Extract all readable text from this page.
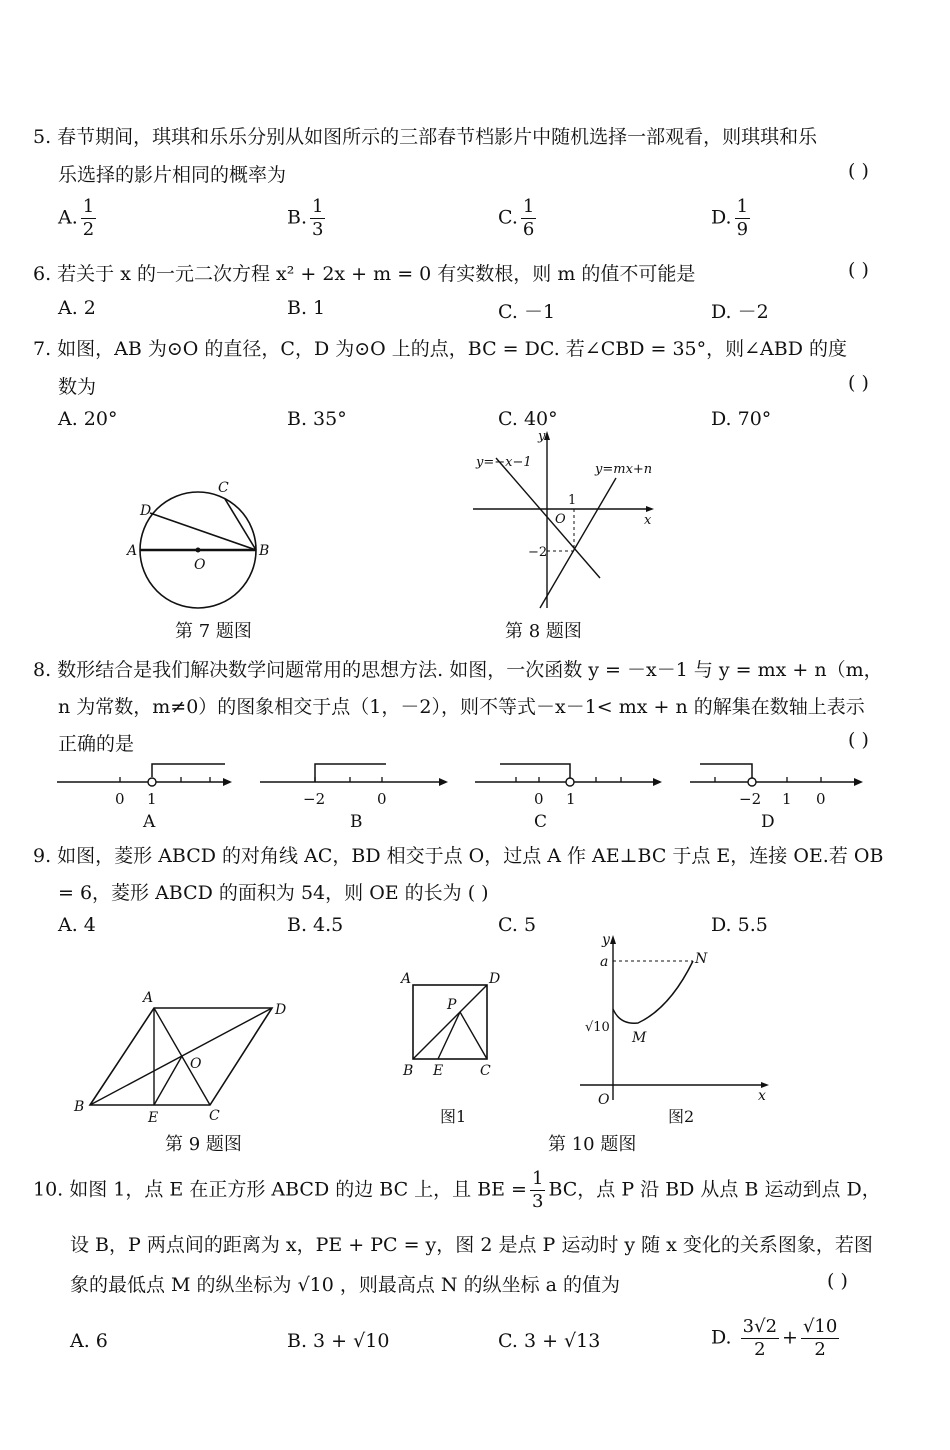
5. 春节期间，琪琪和乐乐分别从如图所示的三部春节档影片中随机选择一部观看，则琪琪和乐
乐选择的影片相同的概率为	( )
A. $\frac{1}{2}$	B. $\frac{1}{3}$	C. $\frac{1}{6}$	D. $\frac{1}{9}$
6. 若关于 x 的一元二次方程 x² + 2x + m = 0 有实数根，则 m 的值不可能是	( )
A. 2	B. 1	C. －1	D. －2
7. 如图，AB 为⊙O 的直径，C，D 为⊙O 上的点，BC = DC. 若∠CBD = 35°，则∠ABD 的度
数为	( )
A. 20°	B. 35°	C. 40°	D. 70°
A	B
C
D
O
第 7 题图
y=−x−1	y=mx+n
y
x
O
1
−2
第 8 题图
8. 数形结合是我们解决数学问题常用的思想方法. 如图，一次函数 y = －x－1 与 y = mx + n（m，
n 为常数，m≠0）的图象相交于点（1，－2），则不等式－x－1< mx + n 的解集在数轴上表示
正确的是	( )
0 1
A
−2	0
B
0 1
C
−2 1 0
D
9. 如图，菱形 ABCD 的对角线 AC，BD 相交于点 O，过点 A 作 AE⊥BC 于点 E，连接 OE.若 OB
= 6，菱形 ABCD 的面积为 54，则 OE 的长为 ( )
A. 4	B. 4.5	C. 5	D. 5.5
A
B
C
D
O
E
第 9 题图
A	D
B E	C
P
图1
y
a	N
M
√10
O	x
图2
第 10 题图
10. 如图 1，点 E 在正方形 ABCD 的边 BC 上，且 BE = $\frac{1}{3}$ BC，点 P 沿 BD 从点 B 运动到点 D，
设 B，P 两点间的距离为 x，PE + PC = y，图 2 是点 P 运动时 y 随 x 变化的关系图象，若图
象的最低点 M 的纵坐标为 √10 ，则最高点 N 的纵坐标 a 的值为	( )
A. 6	B. 3 + √10	C. 3 + √13	D. $\frac{3√2}{2} + \frac{√10}{2}$
